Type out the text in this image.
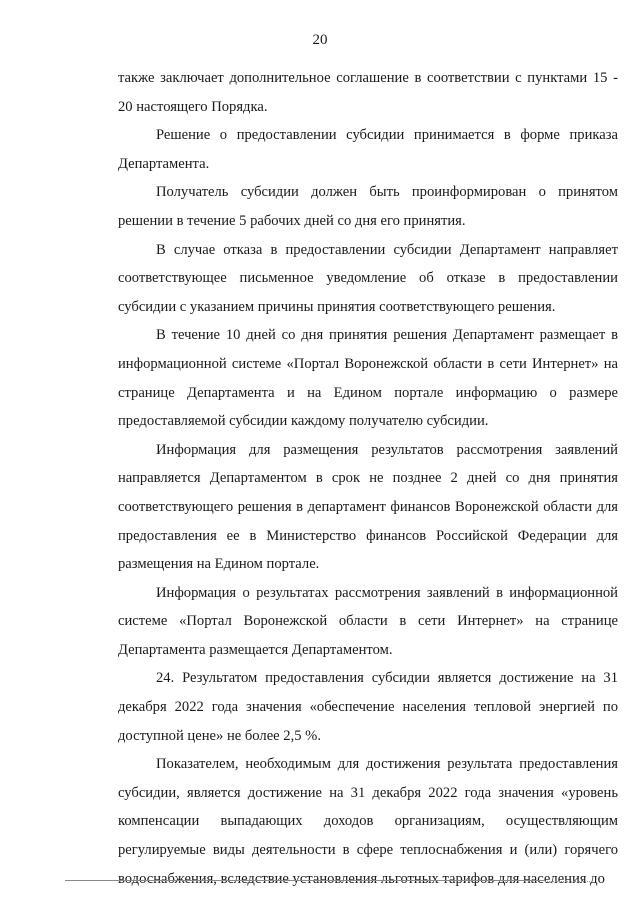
20

также заключает дополнительное соглашение в соответствии с пунктами 15 - 20 настоящего Порядка.

Решение о предоставлении субсидии принимается в форме приказа Департамента.

Получатель субсидии должен быть проинформирован о принятом решении в течение 5 рабочих дней со дня его принятия.

В случае отказа в предоставлении субсидии Департамент направляет соответствующее письменное уведомление об отказе в предоставлении субсидии с указанием причины принятия соответствующего решения.

В течение 10 дней со дня принятия решения Департамент размещает в информационной системе «Портал Воронежской области в сети Интернет» на странице Департамента и на Едином портале информацию о размере предоставляемой субсидии каждому получателю субсидии.

Информация для размещения результатов рассмотрения заявлений направляется Департаментом в срок не позднее 2 дней со дня принятия соответствующего решения в департамент финансов Воронежской области для предоставления ее в Министерство финансов Российской Федерации для размещения на Едином портале.

Информация о результатах рассмотрения заявлений в информационной системе «Портал Воронежской области в сети Интернет» на странице Департамента размещается Департаментом.

24. Результатом предоставления субсидии является достижение на 31 декабря 2022 года значения «обеспечение населения тепловой энергией по доступной цене» не более 2,5 %.

Показателем, необходимым для достижения результата предоставления субсидии, является достижение на 31 декабря 2022 года значения «уровень компенсации выпадающих доходов организациям, осуществляющим регулируемые виды деятельности в сфере теплоснабжения и (или) горячего водоснабжения, вследствие установления льготных тарифов для населения до
